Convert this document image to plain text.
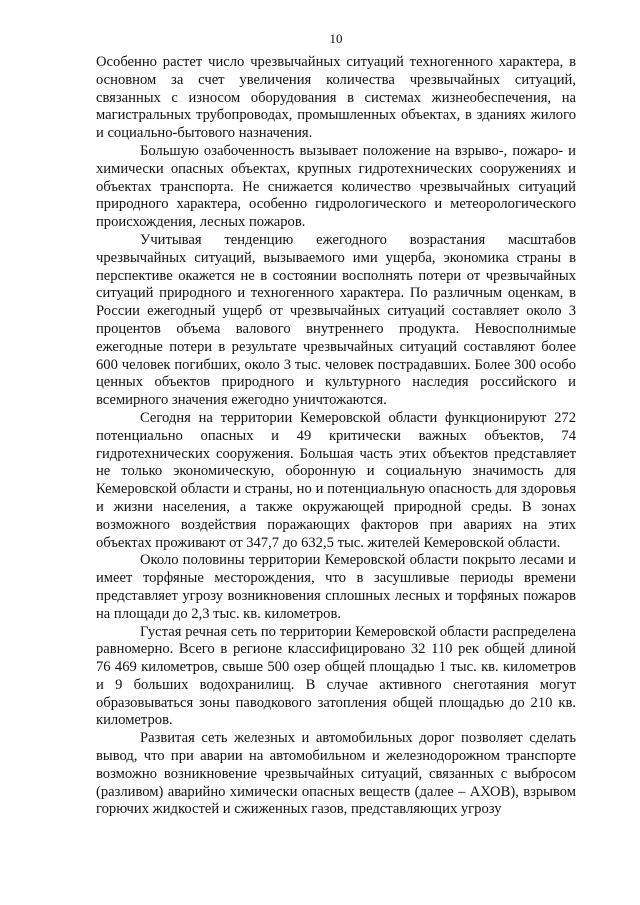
10

Особенно растет число чрезвычайных ситуаций техногенного характера, в основном за счет увеличения количества чрезвычайных ситуаций, связанных с износом оборудования в системах жизнеобеспечения, на магистральных трубопроводах, промышленных объектах, в зданиях жилого и социально-бытового назначения.

Большую озабоченность вызывает положение на взрыво-, пожаро- и химически опасных объектах, крупных гидротехнических сооружениях и объектах транспорта. Не снижается количество чрезвычайных ситуаций природного характера, особенно гидрологического и метеорологического происхождения, лесных пожаров.

Учитывая тенденцию ежегодного возрастания масштабов чрезвычайных ситуаций, вызываемого ими ущерба, экономика страны в перспективе окажется не в состоянии восполнять потери от чрезвычайных ситуаций природного и техногенного характера. По различным оценкам, в России ежегодный ущерб от чрезвычайных ситуаций составляет около 3 процентов объема валового внутреннего продукта. Невосполнимые ежегодные потери в результате чрезвычайных ситуаций составляют более 600 человек погибших, около 3 тыс. человек пострадавших. Более 300 особо ценных объектов природного и культурного наследия российского и всемирного значения ежегодно уничтожаются.

Сегодня на территории Кемеровской области функционируют 272 потенциально опасных и 49 критически важных объектов, 74 гидротехнических сооружения. Большая часть этих объектов представляет не только экономическую, оборонную и социальную значимость для Кемеровской области и страны, но и потенциальную опасность для здоровья и жизни населения, а также окружающей природной среды. В зонах возможного воздействия поражающих факторов при авариях на этих объектах проживают от 347,7 до 632,5 тыс. жителей Кемеровской области.

Около половины территории Кемеровской области покрыто лесами и имеет торфяные месторождения, что в засушливые периоды времени представляет угрозу возникновения сплошных лесных и торфяных пожаров на площади до 2,3 тыс. кв. километров.

Густая речная сеть по территории Кемеровской области распределена равномерно. Всего в регионе классифицировано 32 110 рек общей длиной 76 469 километров, свыше 500 озер общей площадью 1 тыс. кв. километров и 9 больших водохранилищ. В случае активного снеготаяния могут образовываться зоны паводкового затопления общей площадью до 210 кв. километров.

Развитая сеть железных и автомобильных дорог позволяет сделать вывод, что при аварии на автомобильном и железнодорожном транспорте возможно возникновение чрезвычайных ситуаций, связанных с выбросом (разливом) аварийно химически опасных веществ (далее – АХОВ), взрывом горючих жидкостей и сжиженных газов, представляющих угрозу
